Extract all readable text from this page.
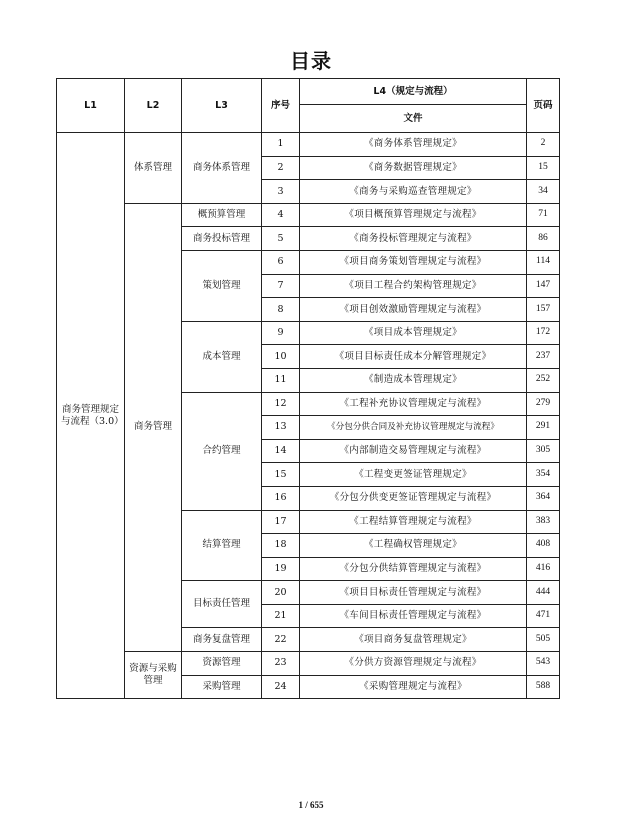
目录
L1	L2	L3	序号	L4（规定与流程）	页码
				文件	
商务管理规定与流程（3.0）	体系管理	商务体系管理	1	《商务体系管理规定》	2
			2	《商务数据管理规定》	15
			3	《商务与采购巡查管理规定》	34
	商务管理	概预算管理	4	《项目概预算管理规定与流程》	71
		商务投标管理	5	《商务投标管理规定与流程》	86
		策划管理	6	《项目商务策划管理规定与流程》	114
			7	《项目工程合约架构管理规定》	147
			8	《项目创效激励管理规定与流程》	157
		成本管理	9	《项目成本管理规定》	172
			10	《项目目标责任成本分解管理规定》	237
			11	《制造成本管理规定》	252
		合约管理	12	《工程补充协议管理规定与流程》	279
			13	《分包分供合同及补充协议管理规定与流程》	291
			14	《内部制造交易管理规定与流程》	305
			15	《工程变更签证管理规定》	354
			16	《分包分供变更签证管理规定与流程》	364
		结算管理	17	《工程结算管理规定与流程》	383
			18	《工程确权管理规定》	408
			19	《分包分供结算管理规定与流程》	416
		目标责任管理	20	《项目目标责任管理规定与流程》	444
			21	《车间目标责任管理规定与流程》	471
		商务复盘管理	22	《项目商务复盘管理规定》	505
	资源与采购管理	资源管理	23	《分供方资源管理规定与流程》	543
		采购管理	24	《采购管理规定与流程》	588
1 / 655
